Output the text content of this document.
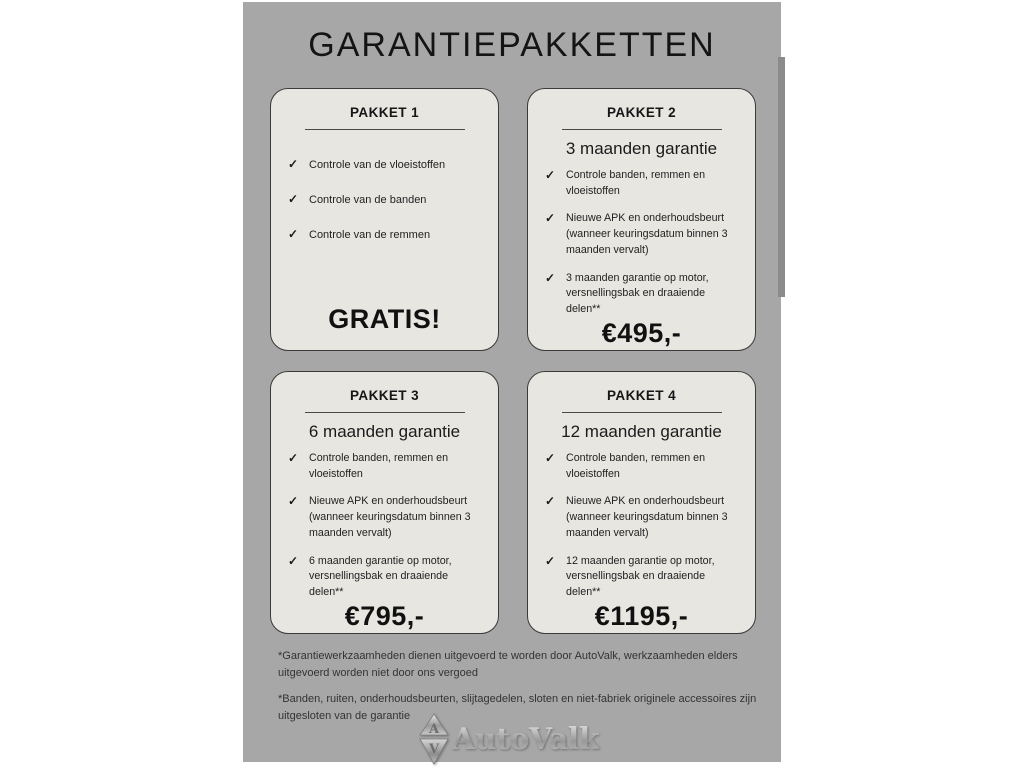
GARANTIEPAKKETTEN
PAKKET 1
✓ Controle van de vloeistoffen
✓ Controle van de banden
✓ Controle van de remmen
GRATIS!
PAKKET 2
3 maanden garantie
✓ Controle banden, remmen en vloeistoffen
✓ Nieuwe APK en onderhoudsbeurt (wanneer keuringsdatum binnen 3 maanden vervalt)
✓ 3 maanden garantie op motor, versnellingsbak en draaiende delen**
€495,-
PAKKET 3
6 maanden garantie
✓ Controle banden, remmen en vloeistoffen
✓ Nieuwe APK en onderhoudsbeurt (wanneer keuringsdatum binnen 3 maanden vervalt)
✓ 6 maanden garantie op motor, versnellingsbak en draaiende delen**
€795,-
PAKKET 4
12 maanden garantie
✓ Controle banden, remmen en vloeistoffen
✓ Nieuwe APK en onderhoudsbeurt (wanneer keuringsdatum binnen 3 maanden vervalt)
✓ 12 maanden garantie op motor, versnellingsbak en draaiende delen**
€1195,-

*Garantiewerkzaamheden dienen uitgevoerd te worden door AutoValk, werkzaamheden elders uitgevoerd worden niet door ons vergoed

*Banden, ruiten, onderhoudsbeurten, slijtagedelen, sloten en niet-fabriek originele accessoires zijn uitgesloten van de garantie

A
V AutoValk
